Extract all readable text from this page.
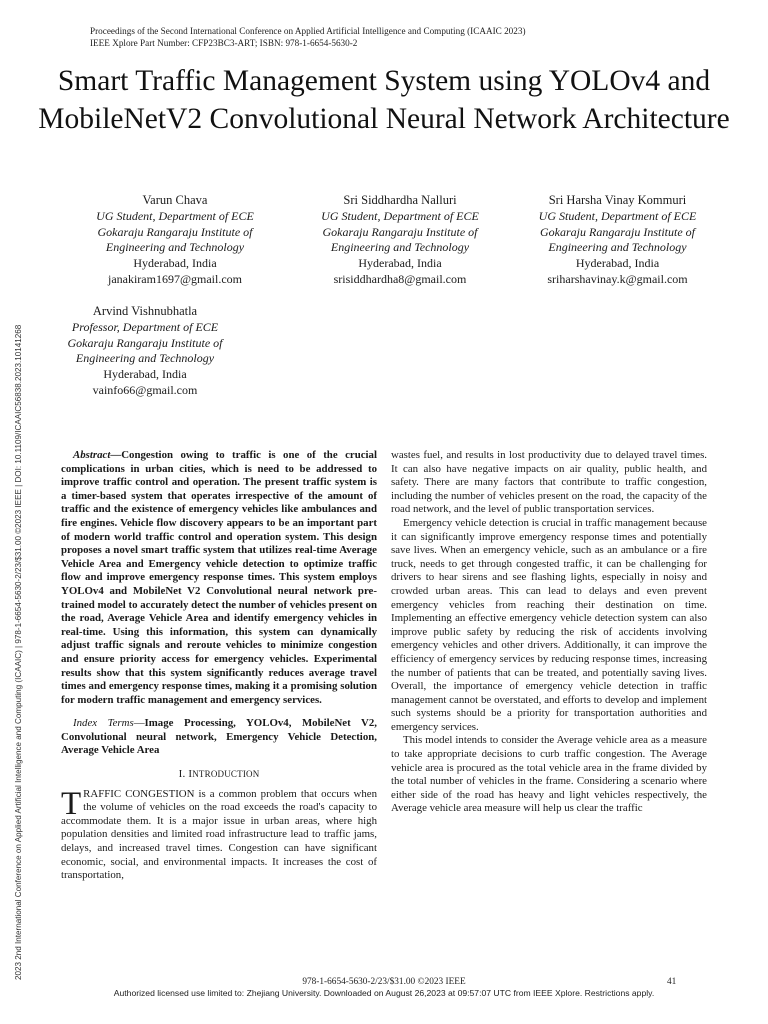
Proceedings of the Second International Conference on Applied Artificial Intelligence and Computing (ICAAIC 2023)
IEEE Xplore Part Number: CFP23BC3-ART; ISBN: 978-1-6654-5630-2
Smart Traffic Management System using YOLOv4 and MobileNetV2 Convolutional Neural Network Architecture
Varun Chava
UG Student, Department of ECE
Gokaraju Rangaraju Institute of
Engineering and Technology
Hyderabad, India
janakiram1697@gmail.com
Sri Siddhardha Nalluri
UG Student, Department of ECE
Gokaraju Rangaraju Institute of
Engineering and Technology
Hyderabad, India
srisiddhardha8@gmail.com
Sri Harsha Vinay Kommuri
UG Student, Department of ECE
Gokaraju Rangaraju Institute of
Engineering and Technology
Hyderabad, India
sriharshavinay.k@gmail.com
Arvind Vishnubhatla
Professor, Department of ECE
Gokaraju Rangaraju Institute of
Engineering and Technology
Hyderabad, India
vainfo66@gmail.com
2023 2nd International Conference on Applied Artificial Intelligence and Computing (ICAAIC) | 978-1-6654-5630-2/23/$31.00 ©2023 IEEE | DOI: 10.1109/ICAAIC56838.2023.10141268	Abstract—Congestion owing to traffic is one of the crucial complications in urban cities, which is need to be addressed to improve traffic control and operation. The present traffic system is a timer-based system that operates irrespective of the amount of traffic and the existence of emergency vehicles like ambulances and fire engines. Vehicle flow discovery appears to be an important part of modern world traffic control and operation system. This design proposes a novel smart traffic system that utilizes real-time Average Vehicle Area and Emergency vehicle detection to optimize traffic flow and improve emergency response times. This system employs YOLOv4 and MobileNet V2 Convolutional neural network pre-trained model to accurately detect the number of vehicles present on the road, Average Vehicle Area and identify emergency vehicles in real-time. Using this information, this system can dynamically adjust traffic signals and reroute vehicles to minimize congestion and ensure priority access for emergency vehicles. Experimental results show that this system significantly reduces average travel times and emergency response times, making it a promising solution for modern traffic management and emergency services.

Index Terms—Image Processing, YOLOv4, MobileNet V2, Convolutional neural network, Emergency Vehicle Detection, Average Vehicle Area

I. INTRODUCTION

TRAFFIC CONGESTION is a common problem that occurs when the volume of vehicles on the road exceeds the road's capacity to accommodate them. It is a major issue in urban areas, where high population densities and limited road infrastructure lead to traffic jams, delays, and increased travel times. Congestion can have significant economic, social, and environmental impacts. It increases the cost of transportation,

wastes fuel, and results in lost productivity due to delayed travel times. It can also have negative impacts on air quality, public health, and safety. There are many factors that contribute to traffic congestion, including the number of vehicles present on the road, the capacity of the road network, and the level of public transportation services.

Emergency vehicle detection is crucial in traffic management because it can significantly improve emergency response times and potentially save lives. When an emergency vehicle, such as an ambulance or a fire truck, needs to get through congested traffic, it can be challenging for drivers to hear sirens and see flashing lights, especially in noisy and crowded urban areas. This can lead to delays and even prevent emergency vehicles from reaching their destination on time. Implementing an effective emergency vehicle detection system can also improve public safety by reducing the risk of accidents involving emergency vehicles and other drivers. Additionally, it can improve the efficiency of emergency services by reducing response times, increasing the number of patients that can be treated, and potentially saving lives. Overall, the importance of emergency vehicle detection in traffic management cannot be overstated, and efforts to develop and implement such systems should be a priority for transportation authorities and emergency services.

This model intends to consider the Average vehicle area as a measure to take appropriate decisions to curb traffic congestion. The Average vehicle area is procured as the total vehicle area in the frame divided by the total number of vehicles in the frame. Considering a scenario where either side of the road has heavy and light vehicles respectively, the Average vehicle area measure will help us clear the traffic

978-1-6654-5630-2/23/$31.00 ©2023 IEEE	41
Authorized licensed use limited to: Zhejiang University. Downloaded on August 26,2023 at 09:57:07 UTC from IEEE Xplore. Restrictions apply.
